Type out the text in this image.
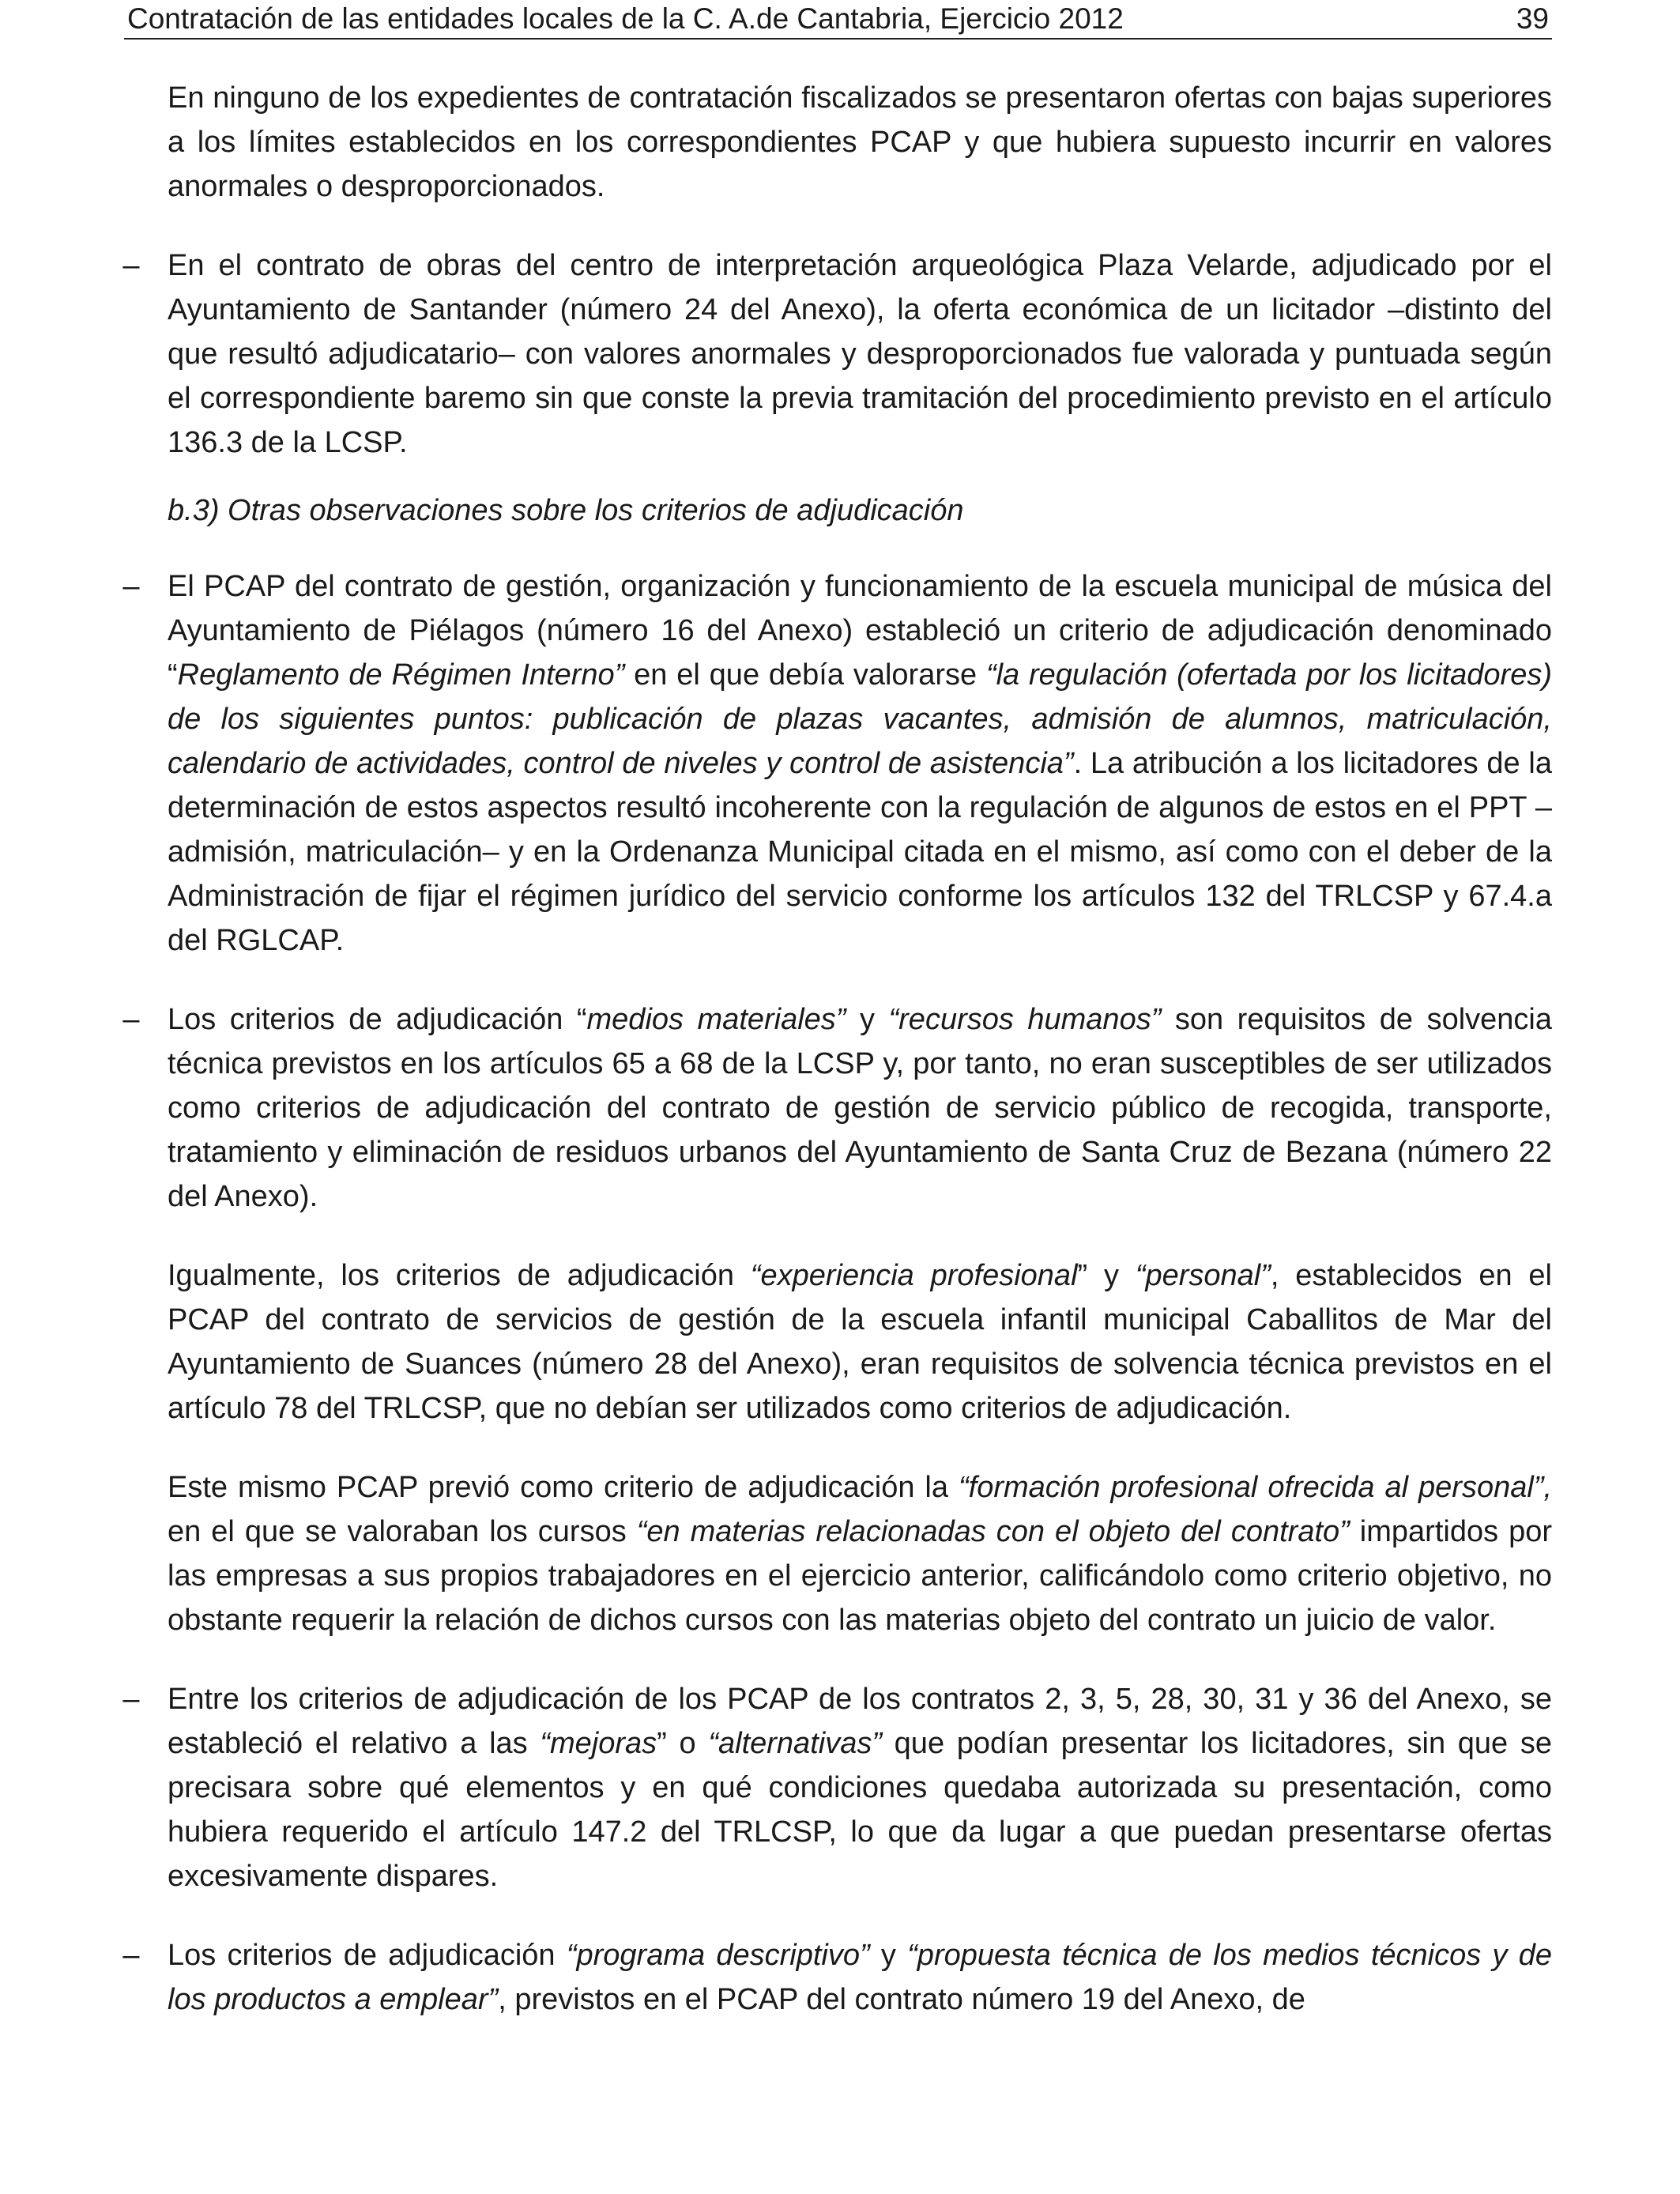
Contratación de las entidades locales de la C. A.de Cantabria, Ejercicio 2012	39

En ninguno de los expedientes de contratación fiscalizados se presentaron ofertas con bajas superiores a los límites establecidos en los correspondientes PCAP y que hubiera supuesto incurrir en valores anormales o desproporcionados.

– En el contrato de obras del centro de interpretación arqueológica Plaza Velarde, adjudicado por el Ayuntamiento de Santander (número 24 del Anexo), la oferta económica de un licitador –distinto del que resultó adjudicatario– con valores anormales y desproporcionados fue valorada y puntuada según el correspondiente baremo sin que conste la previa tramitación del procedimiento previsto en el artículo 136.3 de la LCSP.

b.3) Otras observaciones sobre los criterios de adjudicación

– El PCAP del contrato de gestión, organización y funcionamiento de la escuela municipal de música del Ayuntamiento de Piélagos (número 16 del Anexo) estableció un criterio de adjudicación denominado “Reglamento de Régimen Interno” en el que debía valorarse “la regulación (ofertada por los licitadores) de los siguientes puntos: publicación de plazas vacantes, admisión de alumnos, matriculación, calendario de actividades, control de niveles y control de asistencia”. La atribución a los licitadores de la determinación de estos aspectos resultó incoherente con la regulación de algunos de estos en el PPT –admisión, matriculación– y en la Ordenanza Municipal citada en el mismo, así como con el deber de la Administración de fijar el régimen jurídico del servicio conforme los artículos 132 del TRLCSP y 67.4.a del RGLCAP.

– Los criterios de adjudicación “medios materiales” y “recursos humanos” son requisitos de solvencia técnica previstos en los artículos 65 a 68 de la LCSP y, por tanto, no eran susceptibles de ser utilizados como criterios de adjudicación del contrato de gestión de servicio público de recogida, transporte, tratamiento y eliminación de residuos urbanos del Ayuntamiento de Santa Cruz de Bezana (número 22 del Anexo).

Igualmente, los criterios de adjudicación “experiencia profesional” y “personal”, establecidos en el PCAP del contrato de servicios de gestión de la escuela infantil municipal Caballitos de Mar del Ayuntamiento de Suances (número 28 del Anexo), eran requisitos de solvencia técnica previstos en el artículo 78 del TRLCSP, que no debían ser utilizados como criterios de adjudicación.

Este mismo PCAP previó como criterio de adjudicación la “formación profesional ofrecida al personal”, en el que se valoraban los cursos “en materias relacionadas con el objeto del contrato” impartidos por las empresas a sus propios trabajadores en el ejercicio anterior, calificándolo como criterio objetivo, no obstante requerir la relación de dichos cursos con las materias objeto del contrato un juicio de valor.

– Entre los criterios de adjudicación de los PCAP de los contratos 2, 3, 5, 28, 30, 31 y 36 del Anexo, se estableció el relativo a las “mejoras” o “alternativas” que podían presentar los licitadores, sin que se precisara sobre qué elementos y en qué condiciones quedaba autorizada su presentación, como hubiera requerido el artículo 147.2 del TRLCSP, lo que da lugar a que puedan presentarse ofertas excesivamente dispares.

– Los criterios de adjudicación “programa descriptivo” y “propuesta técnica de los medios técnicos y de los productos a emplear”, previstos en el PCAP del contrato número 19 del Anexo, de
